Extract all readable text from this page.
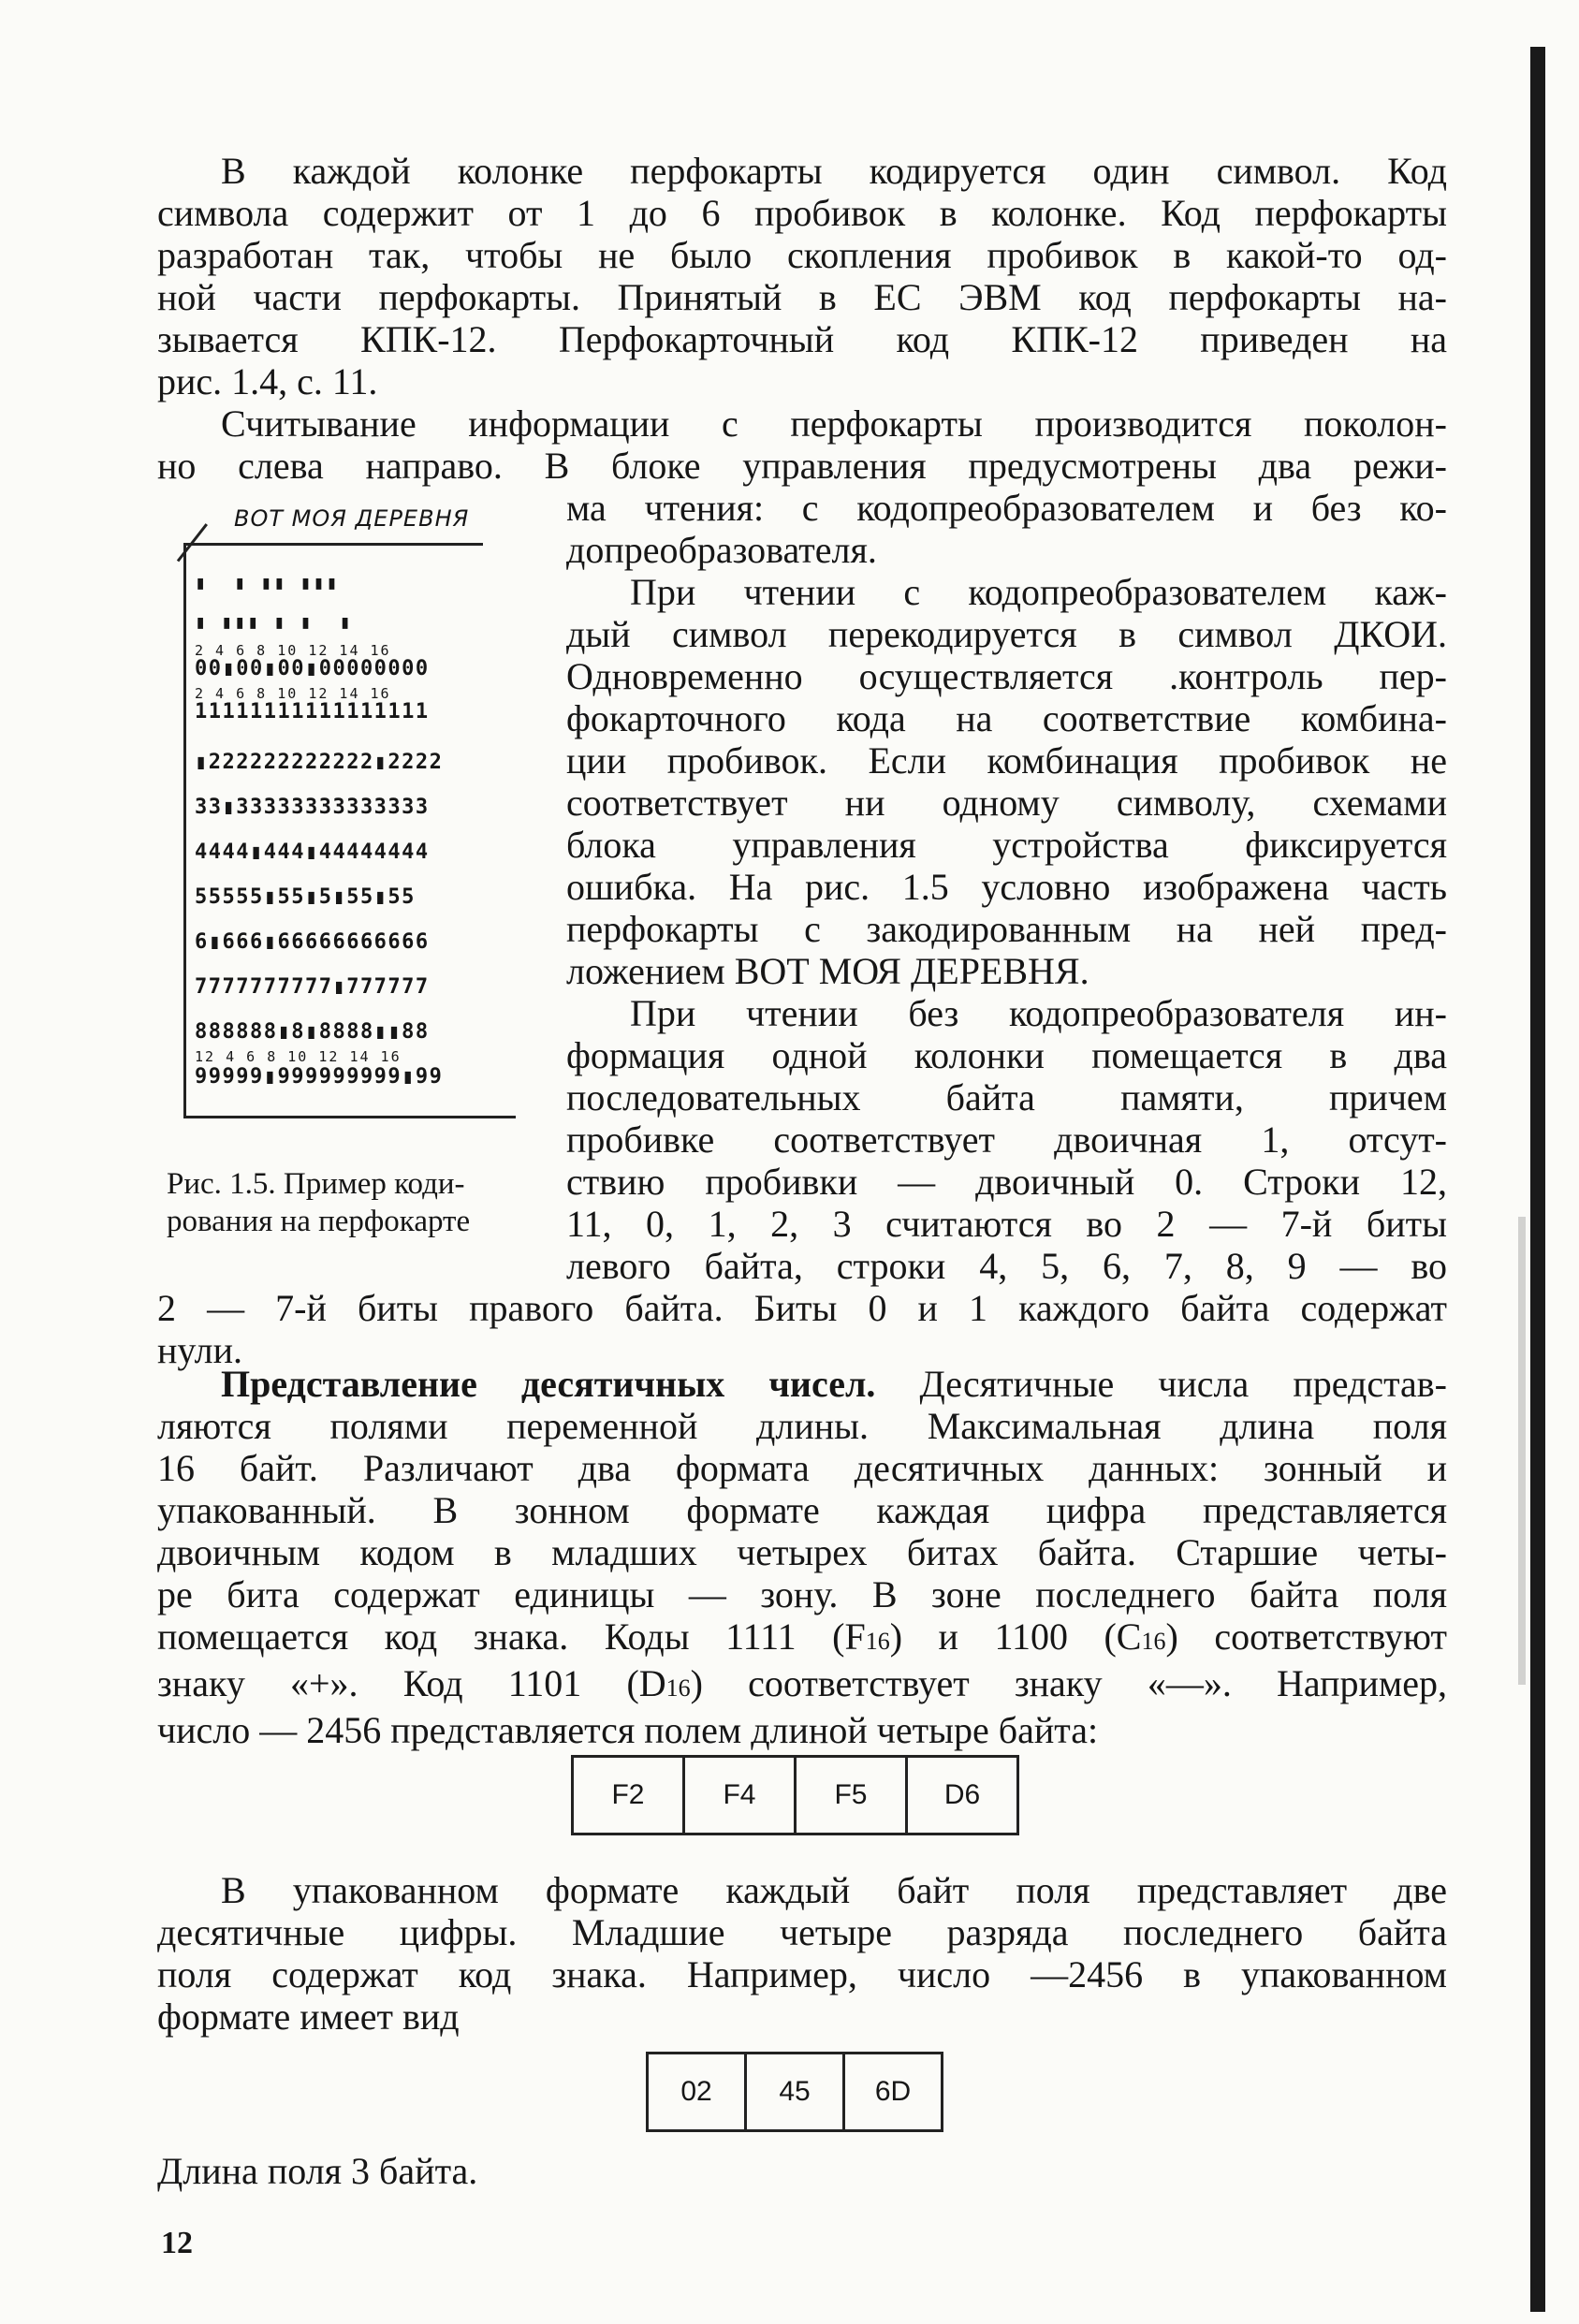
В каждой колонке перфокарты кодируется один символ. Код
символа содержит от 1 до 6 пробивок в колонке. Код перфокарты
разработан так, чтобы не было скопления пробивок в какой-то од-
ной части перфокарты. Принятый в ЕС ЭВМ код перфокарты на-
зывается КПК-12. Перфокарточный код КПК-12 приведен на
рис. 1.4, с. 11.
Считывание информации с перфокарты производится поколон-
но слева направо. В блоке управления предусмотрены два режи-
ма чтения: с кодопреобразователем и без ко-
допреобразователя.
При чтении с кодопреобразователем каж-
дый символ перекодируется в символ ДКОИ.
Одновременно осуществляется .контроль пер-
фокарточного кода на соответствие комбина-
ции пробивок. Если комбинация пробивок не
соответствует ни одному символу, схемами
блока управления устройства фиксируется
ошибка. На рис. 1.5 условно изображена часть
перфокарты с закодированным на ней пред-
ложением ВОТ МОЯ ДЕРЕВНЯ.
При чтении без кодопреобразователя ин-
формация одной колонки помещается в два
последовательных байта памяти, причем
пробивке соответствует двоичная 1, отсут-
ствию пробивки — двоичный 0. Строки 12,
11, 0, 1, 2, 3 считаются во 2 — 7-й биты
левого байта, строки 4, 5, 6, 7, 8, 9 — во
2 — 7-й биты правого байта. Биты 0 и 1 каждого байта содержат
нули.
ВОТ МОЯ ДЕРЕВНЯ
▮  ▮ ▮▮ ▮▮▮
▮ ▮▮▮ ▮ ▮  ▮
2 4 6 8 10 12 14 16
00▮00▮00▮00000000
2 4 6 8 10 12 14 16
11111111111111111
▮222222222222▮2222
33▮33333333333333
4444▮444▮44444444
55555▮55▮5▮55▮55
6▮666▮66666666666
7777777777▮777777
888888▮8▮8888▮▮88
12 4 6 8 10 12 14 16
99999▮999999999▮99
Рис. 1.5. Пример коди-
рования на перфокарте
Представление десятичных чисел. Десятичные числа представ-
ляются полями переменной длины. Максимальная длина поля
16 байт. Различают два формата десятичных данных: зонный и
упакованный. В зонном формате каждая цифра представляется
двоичным кодом в младших четырех битах байта. Старшие четы-
ре бита содержат единицы — зону. В зоне последнего байта поля
помещается код знака. Коды 1111 (F16) и 1100 (C16) соответствуют
знаку «+». Код 1101 (D16) соответствует знаку «—». Например,
число — 2456 представляется полем длиной четыре байта:
F2	F4	F5	D6
В упакованном формате каждый байт поля представляет две
десятичные цифры. Младшие четыре разряда последнего байта
поля содержат код знака. Например, число —2456 в упакованном
формате имеет вид
02	45	6D
Длина поля 3 байта.
12
